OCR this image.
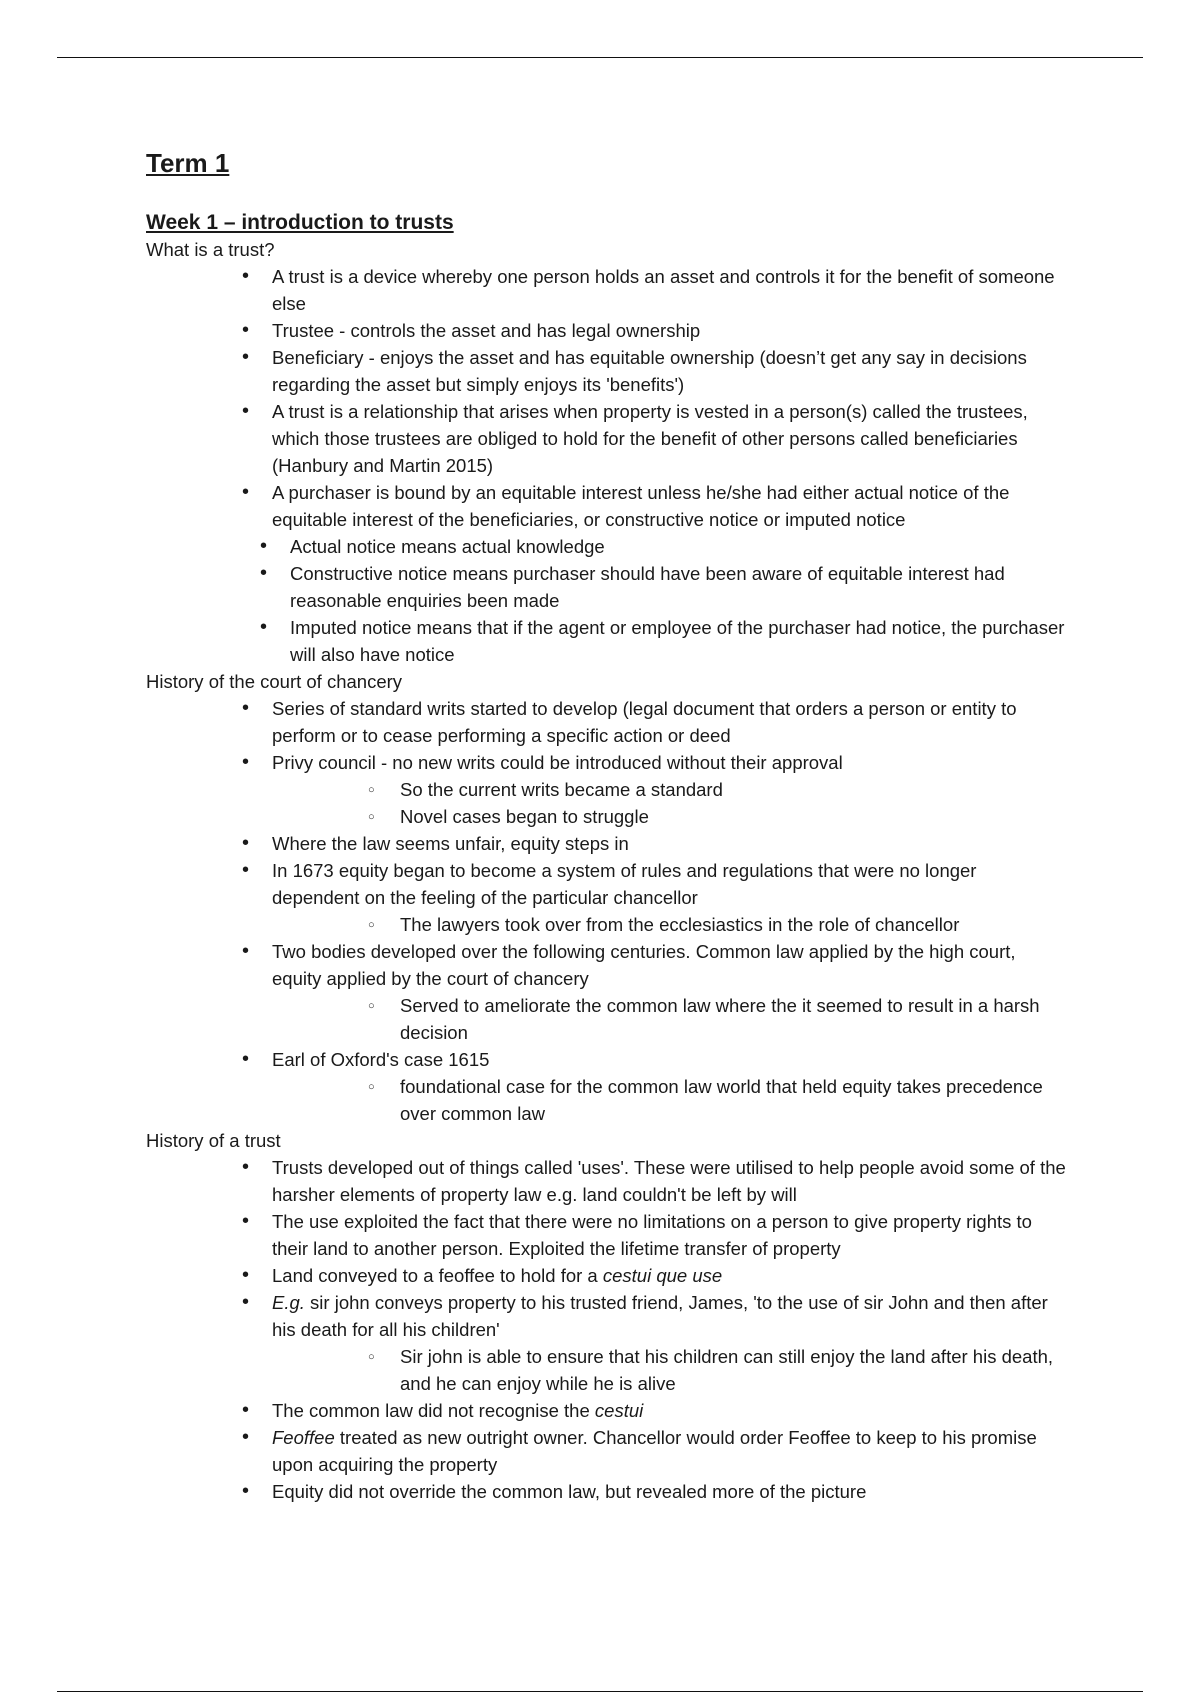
Term 1
Week 1 – introduction to trusts

What is a trust?

• A trust is a device whereby one person holds an asset and controls it for the benefit of someone else
• Trustee - controls the asset and has legal ownership
• Beneficiary - enjoys the asset and has equitable ownership (doesn’t get any say in decisions regarding the asset but simply enjoys its 'benefits')
• A trust is a relationship that arises when property is vested in a person(s) called the trustees, which those trustees are obliged to hold for the benefit of other persons called beneficiaries (Hanbury and Martin 2015)
• A purchaser is bound by an equitable interest unless he/she had either actual notice of the equitable interest of the beneficiaries, or constructive notice or imputed notice
• Actual notice means actual knowledge
• Constructive notice means purchaser should have been aware of equitable interest had reasonable enquiries been made
• Imputed notice means that if the agent or employee of the purchaser had notice, the purchaser will also have notice

History of the court of chancery

• Series of standard writs started to develop (legal document that orders a person or entity to perform or to cease performing a specific action or deed
• Privy council - no new writs could be introduced without their approval
○ So the current writs became a standard
○ Novel cases began to struggle
• Where the law seems unfair, equity steps in
• In 1673 equity began to become a system of rules and regulations that were no longer dependent on the feeling of the particular chancellor
○ The lawyers took over from the ecclesiastics in the role of chancellor
• Two bodies developed over the following centuries. Common law applied by the high court, equity applied by the court of chancery
○ Served to ameliorate the common law where the it seemed to result in a harsh decision
• Earl of Oxford's case 1615
○ foundational case for the common law world that held equity takes precedence over common law

History of a trust

• Trusts developed out of things called 'uses'. These were utilised to help people avoid some of the harsher elements of property law e.g. land couldn't be left by will
• The use exploited the fact that there were no limitations on a person to give property rights to their land to another person. Exploited the lifetime transfer of property
• Land conveyed to a feoffee to hold for a cestui que use
• E.g. sir john conveys property to his trusted friend, James, 'to the use of sir John and then after his death for all his children'
○ Sir john is able to ensure that his children can still enjoy the land after his death, and he can enjoy while he is alive
• The common law did not recognise the cestui
• Feoffee treated as new outright owner. Chancellor would order Feoffee to keep to his promise upon acquiring the property
• Equity did not override the common law, but revealed more of the picture
